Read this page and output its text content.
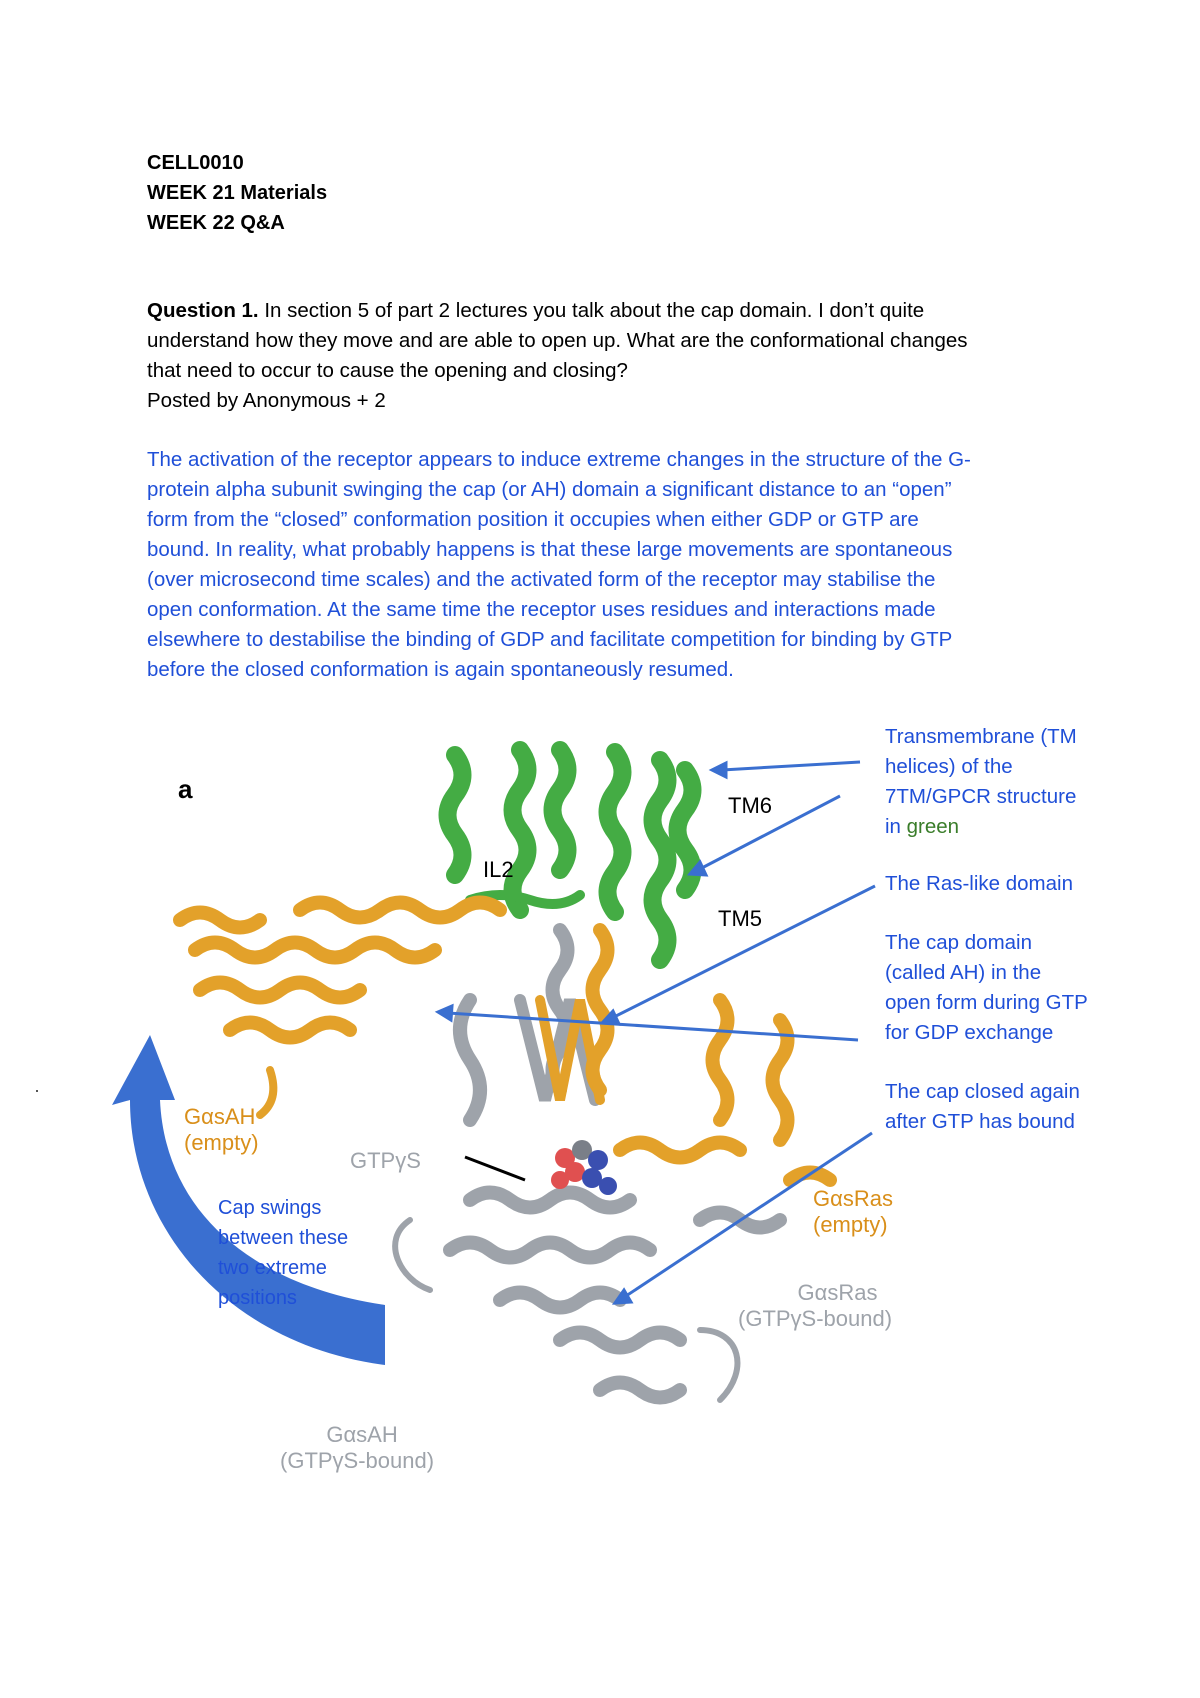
CELL0010
WEEK 21 Materials
WEEK 22 Q&A
Question 1. In section 5 of part 2 lectures you talk about the cap domain. I don’t quite
understand how they move and are able to open up. What are the conformational changes
that need to occur to cause the opening and closing?
Posted by Anonymous + 2
The activation of the receptor appears to induce extreme changes in the structure of the G-
protein alpha subunit swinging the cap (or AH) domain a significant distance to an “open”
form from the “closed” conformation position it occupies when either GDP or GTP are
bound. In reality, what probably happens is that these large movements are spontaneous
(over microsecond time scales) and the activated form of the receptor may stabilise the
open conformation. At the same time the receptor uses residues and interactions made
elsewhere to destabilise the binding of GDP and facilitate competition for binding by GTP
before the closed conformation is again spontaneously resumed.
a
TM6
IL2
TM5
GαsAH
(empty)
GTPγS
GαsRas
(empty)
GαsRas
(GTPγS-bound)
GαsAH
(GTPγS-bound)
Transmembrane (TM
helices) of the
7TM/GPCR structure
in green
The Ras-like domain
The cap domain
(called AH) in the
open form during GTP
for GDP exchange
The cap closed again
after GTP has bound
Cap swings
between these
two extreme
positions
